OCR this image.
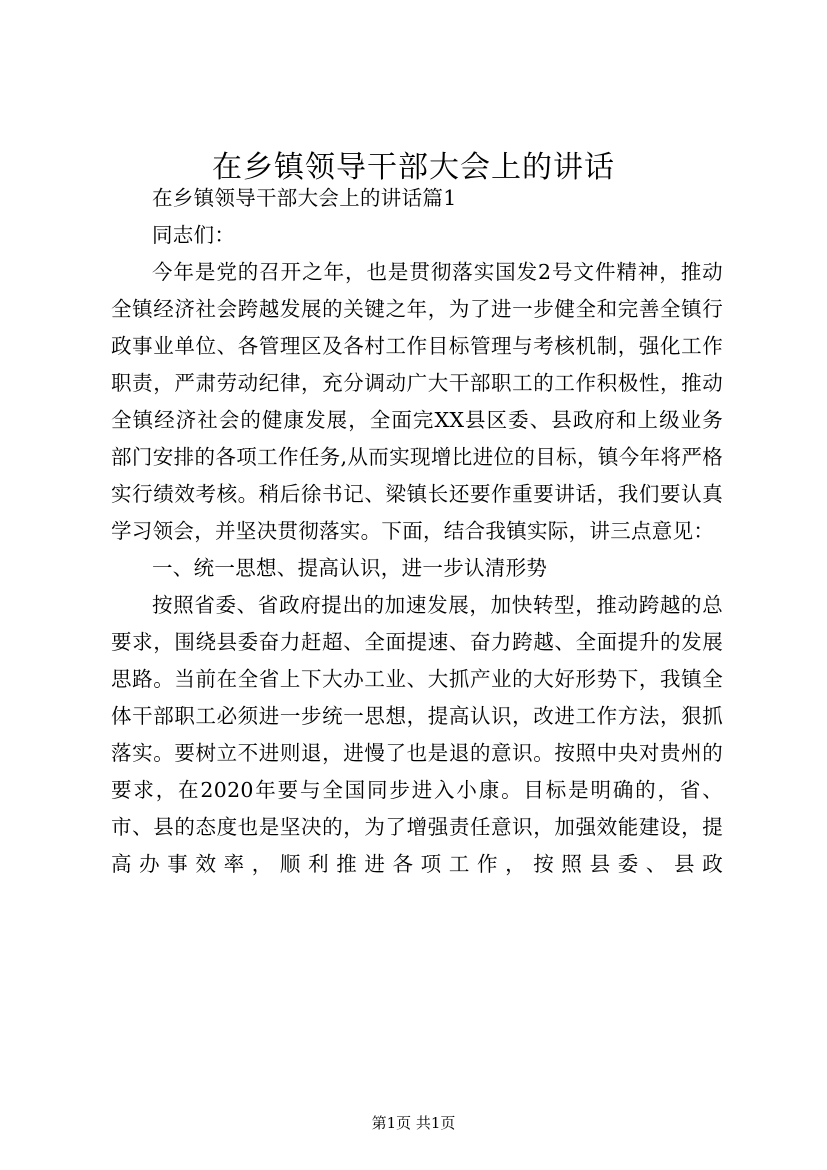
在乡镇领导干部大会上的讲话

在乡镇领导干部大会上的讲话篇1

同志们：

今年是党的召开之年，也是贯彻落实国发2号文件精神，推动全镇经济社会跨越发展的关键之年，为了进一步健全和完善全镇行政事业单位、各管理区及各村工作目标管理与考核机制，强化工作职责，严肃劳动纪律，充分调动广大干部职工的工作积极性，推动全镇经济社会的健康发展，全面完XX县区委、县政府和上级业务部门安排的各项工作任务,从而实现增比进位的目标，镇今年将严格实行绩效考核。稍后徐书记、梁镇长还要作重要讲话，我们要认真学习领会，并坚决贯彻落实。下面，结合我镇实际，讲三点意见：

一、统一思想、提高认识，进一步认清形势

按照省委、省政府提出的加速发展，加快转型，推动跨越的总要求，围绕县委奋力赶超、全面提速、奋力跨越、全面提升的发展思路。当前在全省上下大办工业、大抓产业的大好形势下，我镇全体干部职工必须进一步统一思想，提高认识，改进工作方法，狠抓落实。要树立不进则退，进慢了也是退的意识。按照中央对贵州的要求，在2020年要与全国同步进入小康。目标是明确的，省、市、县的态度也是坚决的，为了增强责任意识，加强效能建设，提高办事效率，顺利推进各项工作，按照县委、县政

第1页 共1页
